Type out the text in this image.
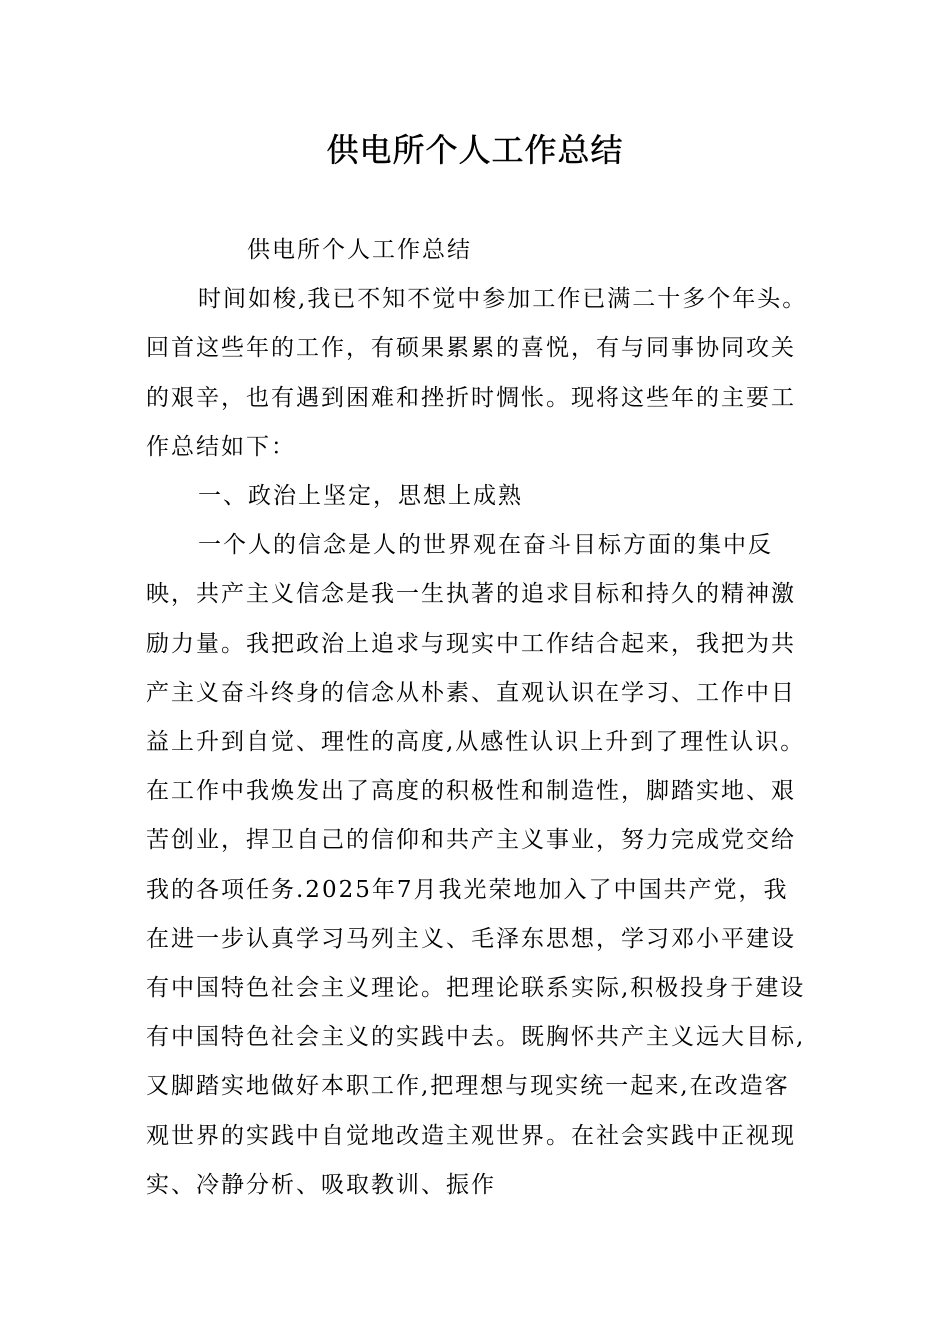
供电所个人工作总结

供电所个人工作总结

时间如梭,我已不知不觉中参加工作已满二十多个年头。回首这些年的工作，有硕果累累的喜悦，有与同事协同攻关的艰辛，也有遇到困难和挫折时惆怅。现将这些年的主要工作总结如下：

一、政治上坚定，思想上成熟

一个人的信念是人的世界观在奋斗目标方面的集中反映，共产主义信念是我一生执著的追求目标和持久的精神激励力量。我把政治上追求与现实中工作结合起来，我把为共产主义奋斗终身的信念从朴素、直观认识在学习、工作中日益上升到自觉、理性的高度,从感性认识上升到了理性认识。在工作中我焕发出了高度的积极性和制造性，脚踏实地、艰苦创业，捍卫自己的信仰和共产主义事业，努力完成党交给我的各项任务.2025年7月我光荣地加入了中国共产党，我在进一步认真学习马列主义、毛泽东思想，学习邓小平建设有中国特色社会主义理论。把理论联系实际,积极投身于建设有中国特色社会主义的实践中去。既胸怀共产主义远大目标,又脚踏实地做好本职工作,把理想与现实统一起来,在改造客观世界的实践中自觉地改造主观世界。在社会实践中正视现实、冷静分析、吸取教训、振作
